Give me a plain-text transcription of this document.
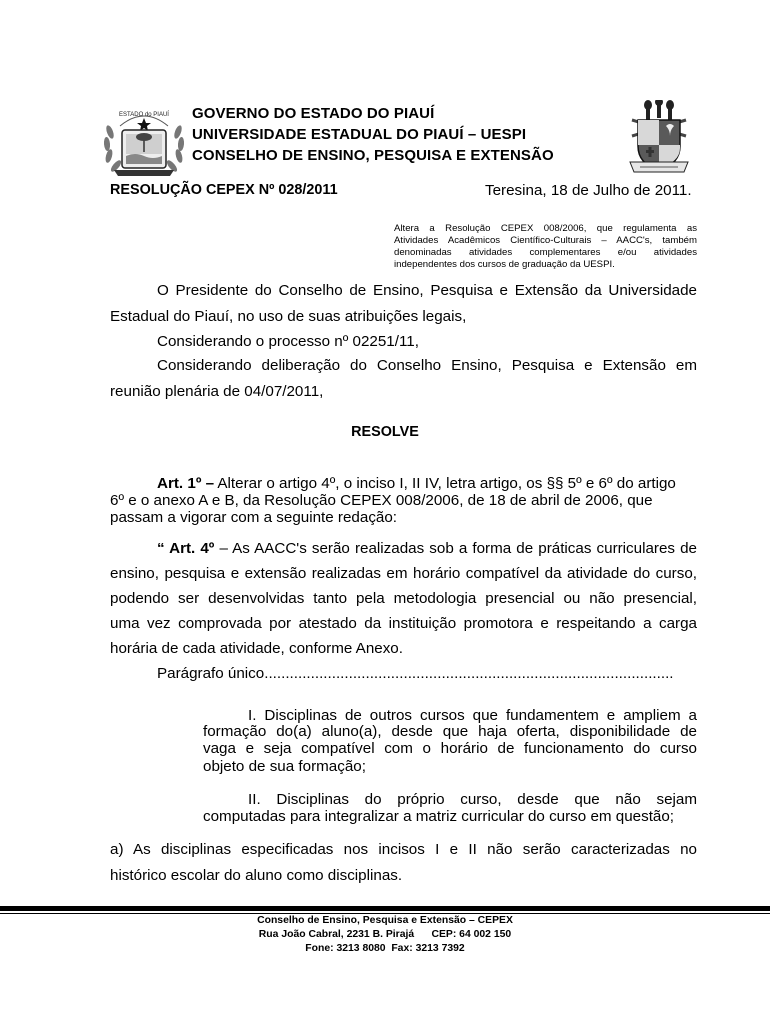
ESTADO do PIAUÍ GOVERNO DO ESTADO DO PIAUÍ
UNIVERSIDADE ESTADUAL DO PIAUÍ – UESPI
CONSELHO DE ENSINO, PESQUISA E EXTENSÃO
RESOLUÇÃO CEPEX Nº 028/2011	Teresina, 18 de Julho de 2011.
Altera a Resolução CEPEX 008/2006, que regulamenta as
Atividades Acadêmicos Científico-Culturais – AACC's, também
denominadas atividades complementares e/ou atividades
independentes dos cursos de graduação da UESPI.
O Presidente do Conselho de Ensino, Pesquisa e Extensão da Universidade
Estadual do Piauí, no uso de suas atribuições legais,
Considerando o processo nº 02251/11,
Considerando deliberação do Conselho Ensino, Pesquisa e Extensão em
reunião plenária de 04/07/2011,
RESOLVE
Art. 1º – Alterar o artigo 4º, o inciso I, II IV, letra artigo, os §§ 5º e 6º do artigo
6º e o anexo A e B, da Resolução CEPEX 008/2006, de 18 de abril de 2006, que
passam a vigorar com a seguinte redação:
“ Art. 4º – As AACC's serão realizadas sob a forma de práticas curriculares de
ensino, pesquisa e extensão realizadas em horário compatível da atividade do curso,
podendo ser desenvolvidas tanto pela metodologia presencial ou não presencial,
uma vez comprovada por atestado da instituição promotora e respeitando a carga
horária de cada atividade, conforme Anexo.
Parágrafo único.................................................................................................
I. Disciplinas de outros cursos que fundamentem e ampliem a
formação do(a) aluno(a), desde que haja oferta, disponibilidade de
vaga e seja compatível com o horário de funcionamento do curso
objeto de sua formação;
II. Disciplinas do próprio curso, desde que não sejam
computadas para integralizar a matriz curricular do curso em questão;
a) As disciplinas especificadas nos incisos I e II não serão caracterizadas no
histórico escolar do aluno como disciplinas.
Conselho de Ensino, Pesquisa e Extensão – CEPEX
Rua João Cabral, 2231 B. Pirajá      CEP: 64 002 150
Fone: 3213 8080  Fax: 3213 7392
